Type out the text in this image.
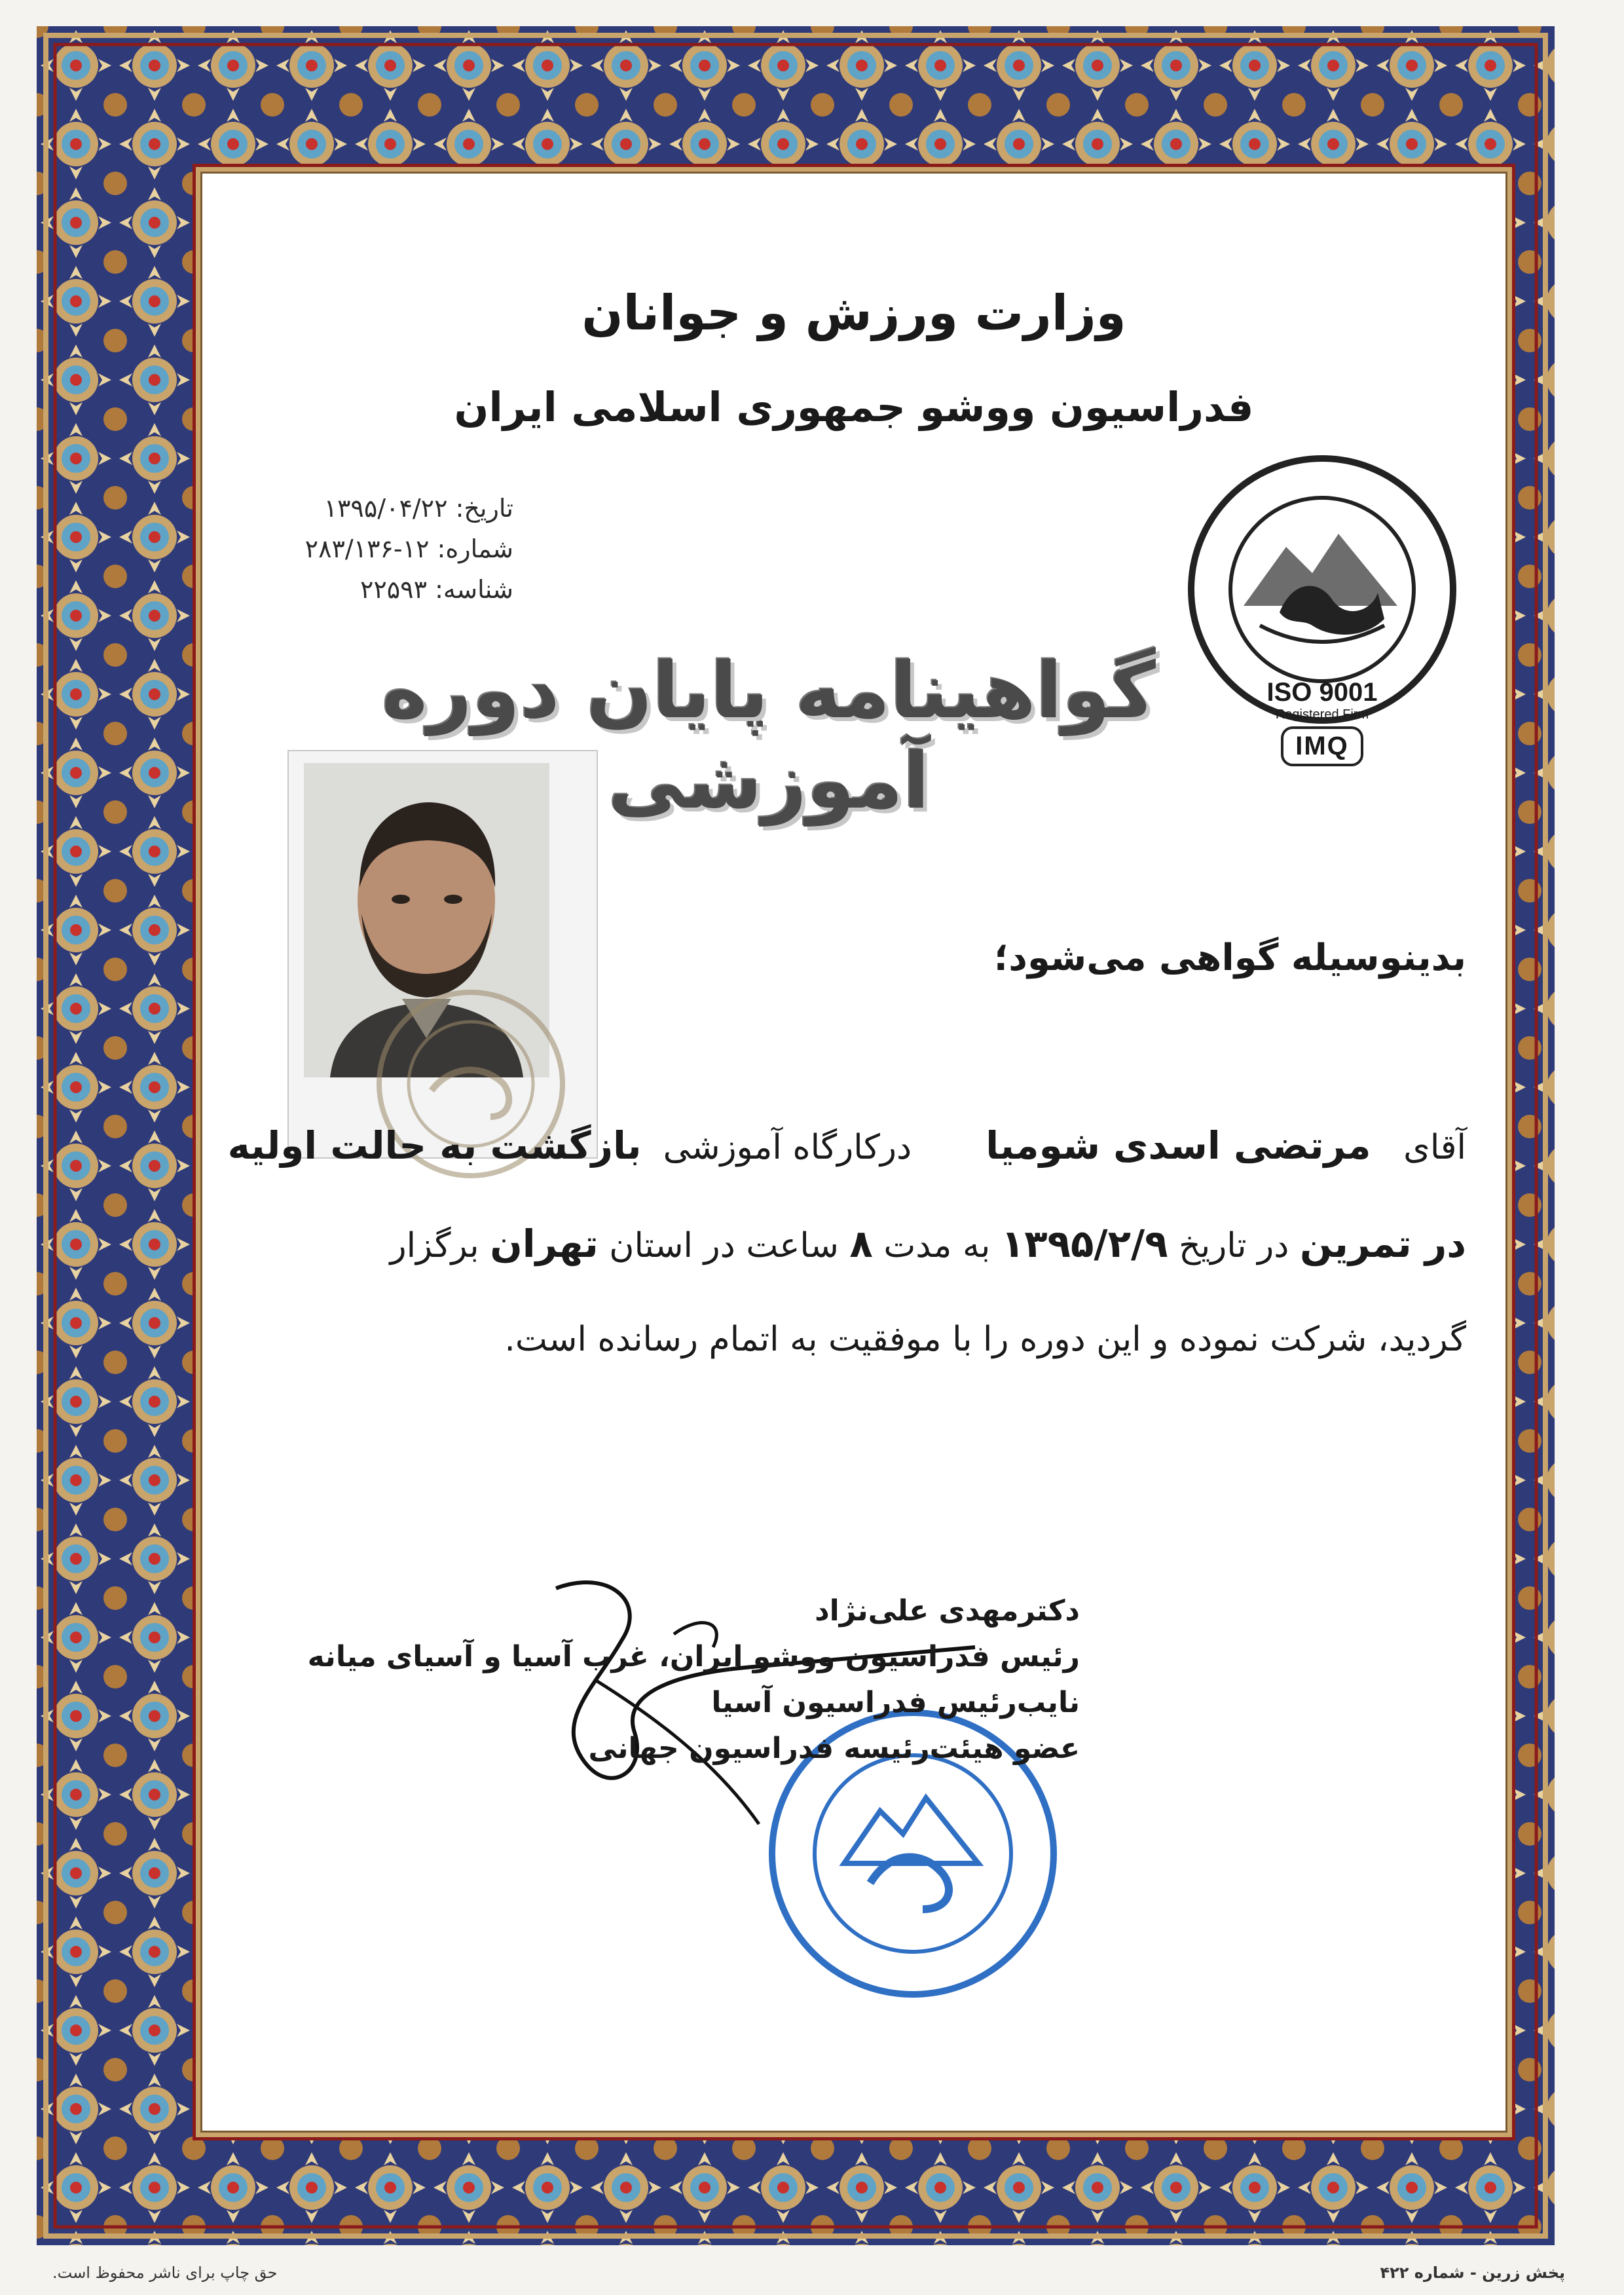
وزارت ورزش و جوانان
فدراسیون ووشو جمهوری اسلامی ایران
تاریخ: ۱۳۹۵/۰۴/۲۲
شماره: ۱۲-۲۸۳/۱۳۶
شناسه: ۲۲۵۹۳
ISO 9001
Registered Firm
IMQ
گواهینامه پایان دوره آموزشی
بدینوسیله گواهی می‌شود؛
آقای   مرتضی اسدی شومیا  درکارگاه آموزشی  بازگشت به حالت اولیه
در تمرین در تاریخ ۱۳۹۵/۲/۹ به مدت ۸ ساعت در استان تهران برگزار
گردید، شرکت نموده و این دوره را با موفقیت به اتمام رسانده است.
دکترمهدی علی‌نژاد
رئیس فدراسیون ووشو ایران، غرب آسیا و آسیای میانه
نایب‌رئیس فدراسیون آسیا
عضو هیئت‌رئیسه فدراسیون جهانی
حق چاپ برای ناشر محفوظ است.	پخش زرین - شماره ۴۲۲
